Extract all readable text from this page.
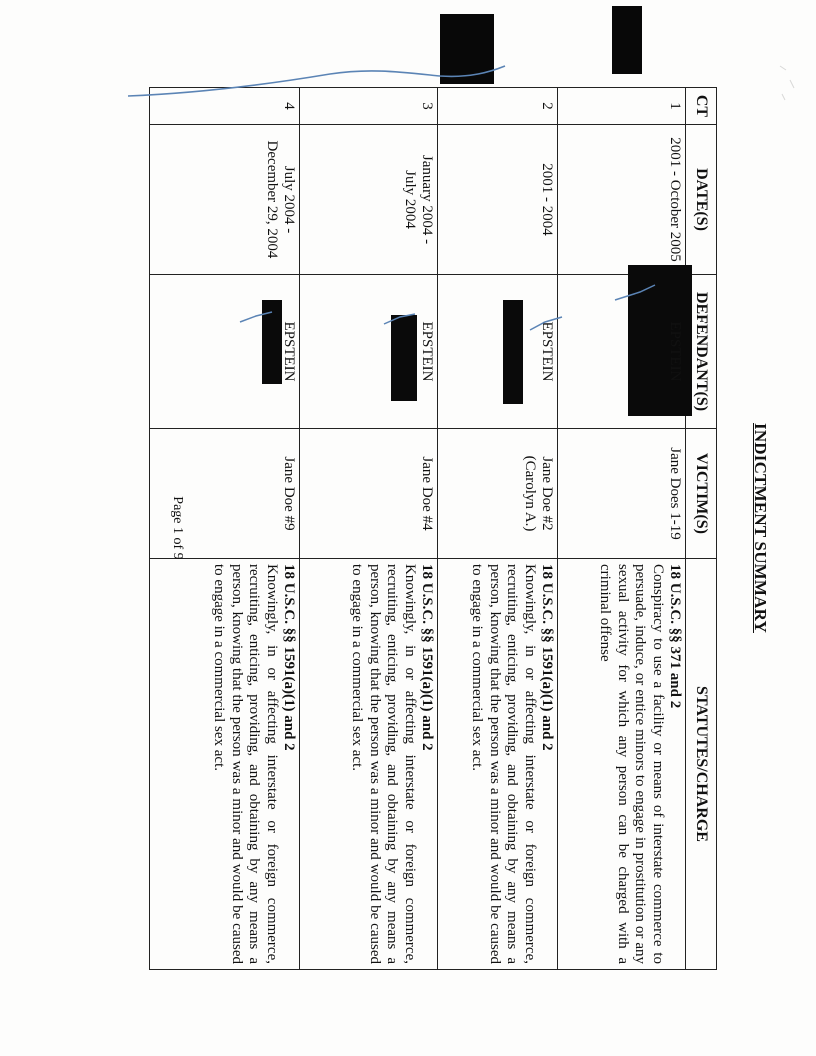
INDICTMENT SUMMARY
CT	DATE(S)	DEFENDANT(S)	VICTIM(S)	STATUTES/CHARGE
1	2001 - October 2005	EPSTEIN	Jane Does 1-19	18 U.S.C. §§ 371 and 2
Conspiracy to use a facility or means of interstate commerce to persuade, induce, or entice minors to engage in prostitution or any sexual activity for which any person can be charged with a criminal offense
2	2001 - 2004	EPSTEIN	Jane Doe #2
(Carolyn A.)	18 U.S.C. §§ 1591(a)(1) and 2
Knowingly, in or affecting interstate or foreign commerce, recruiting, enticing, providing, and obtaining by any means a person, knowing that the person was a minor and would be caused to engage in a commercial sex act.
3	January 2004 -
July 2004	EPSTEIN	Jane Doe #4	18 U.S.C. §§ 1591(a)(1) and 2
Knowingly, in or affecting interstate or foreign commerce, recruiting, enticing, providing, and obtaining by any means a person, knowing that the person was a minor and would be caused to engage in a commercial sex act.
4	July 2004 -
December 29, 2004	EPSTEIN	Jane Doe #9	18 U.S.C. §§ 1591(a)(1) and 2
Knowingly, in or affecting interstate or foreign commerce, recruiting, enticing, providing, and obtaining by any means a person, knowing that the person was a minor and would be caused to engage in a commercial sex act.
Page 1 of 9
